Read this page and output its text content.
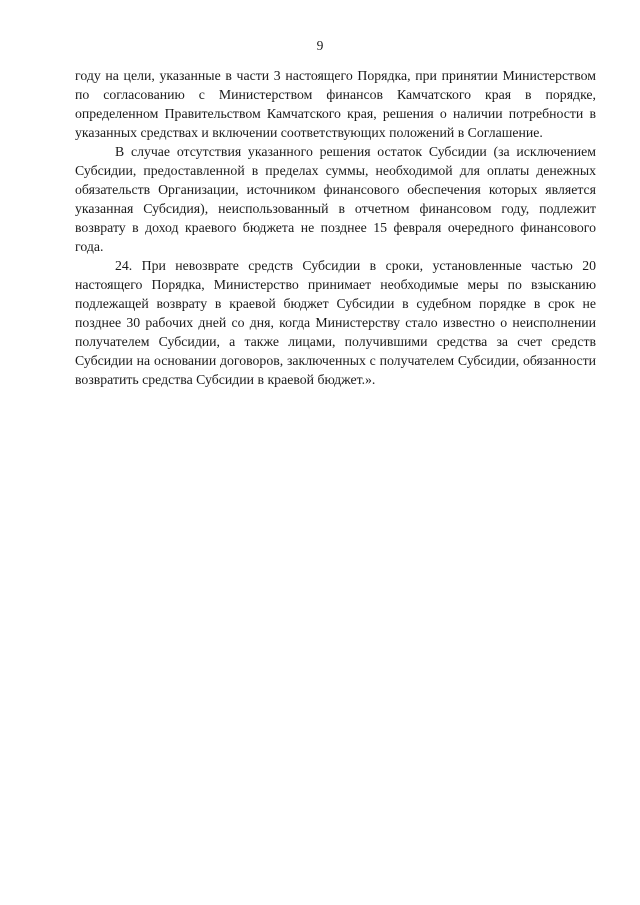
9

году на цели, указанные в части 3 настоящего Порядка, при принятии Министерством по согласованию с Министерством финансов Камчатского края в порядке, определенном Правительством Камчатского края, решения о наличии потребности в указанных средствах и включении соответствующих положений в Соглашение.

В случае отсутствия указанного решения остаток Субсидии (за исключением Субсидии, предоставленной в пределах суммы, необходимой для оплаты денежных обязательств Организации, источником финансового обеспечения которых является указанная Субсидия), неиспользованный в отчетном финансовом году, подлежит возврату в доход краевого бюджета не позднее 15 февраля очередного финансового года.

24. При невозврате средств Субсидии в сроки, установленные частью 20 настоящего Порядка, Министерство принимает необходимые меры по взысканию подлежащей возврату в краевой бюджет Субсидии в судебном порядке в срок не позднее 30 рабочих дней со дня, когда Министерству стало известно о неисполнении получателем Субсидии, а также лицами, получившими средства за счет средств Субсидии на основании договоров, заключенных с получателем Субсидии, обязанности возвратить средства Субсидии в краевой бюджет.».
